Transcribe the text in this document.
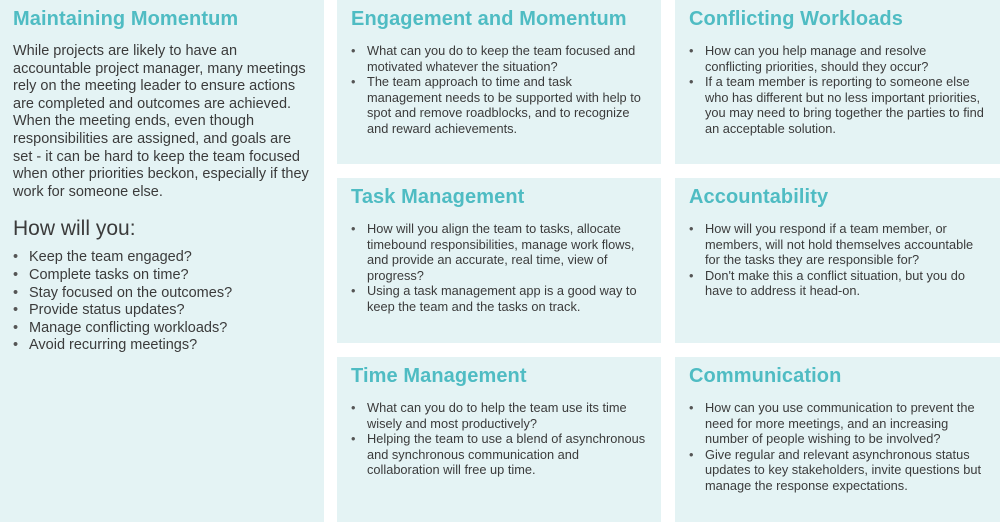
Maintaining Momentum

While projects are likely to have an accountable project manager, many meetings rely on the meeting leader to ensure actions are completed and outcomes are achieved. When the meeting ends, even though responsibilities are assigned, and goals are set - it can be hard to keep the team focused when other priorities beckon, especially if they work for someone else.

How will you:
• Keep the team engaged?
• Complete tasks on time?
• Stay focused on the outcomes?
• Provide status updates?
• Manage conflicting workloads?
• Avoid recurring meetings?
Engagement and Momentum
• What can you do to keep the team focused and motivated whatever the situation?
• The team approach to time and task management needs to be supported with help to spot and remove roadblocks, and to recognize and reward achievements.
Conflicting Workloads
• How can you help manage and resolve conflicting priorities, should they occur?
• If a team member is reporting to someone else who has different but no less important priorities, you may need to bring together the parties to find an acceptable solution.
Task Management
• How will you align the team to tasks, allocate timebound responsibilities, manage work flows, and provide an accurate, real time, view of progress?
• Using a task management app is a good way to keep the team and the tasks on track.
Accountability
• How will you respond if a team member, or members, will not hold themselves accountable for the tasks they are responsible for?
• Don't make this a conflict situation, but you do have to address it head-on.
Time Management
• What can you do to help the team use its time wisely and most productively?
• Helping the team to use a blend of asynchronous and synchronous communication and collaboration will free up time.
Communication
• How can you use communication to prevent the need for more meetings, and an increasing number of people wishing to be involved?
• Give regular and relevant asynchronous status updates to key stakeholders, invite questions but manage the response expectations.
